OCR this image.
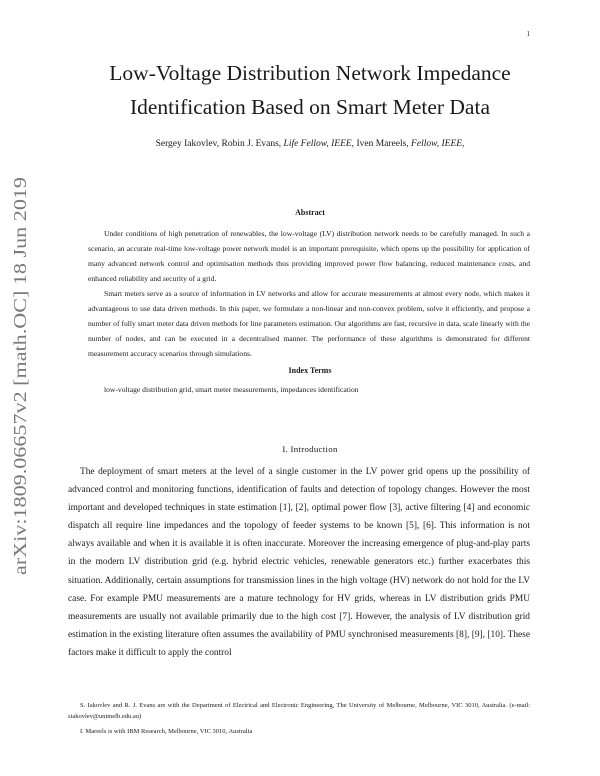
1
arXiv:1809.06657v2 [math.OC] 18 Jun 2019
Low-Voltage Distribution Network Impedance
Identification Based on Smart Meter Data
Sergey Iakovlev, Robin J. Evans, Life Fellow, IEEE, Iven Mareels, Fellow, IEEE,
Abstract

Under conditions of high penetration of renewables, the low-voltage (LV) distribution network needs to be carefully managed. In such a scenario, an accurate real-time low-voltage power network model is an important prerequisite, which opens up the possibility for application of many advanced network control and optimisation methods thus providing improved power flow balancing, reduced maintenance costs, and enhanced reliability and security of a grid.

Smart meters serve as a source of information in LV networks and allow for accurate measurements at almost every node, which makes it advantageous to use data driven methods. In this paper, we formulate a non-linear and non-convex problem, solve it efficiently, and propose a number of fully smart meter data driven methods for line parameters estimation. Our algorithms are fast, recursive in data, scale linearly with the number of nodes, and can be executed in a decentralised manner. The performance of these algorithms is demonstrated for different measurement accuracy scenarios through simulations.

Index Terms
low-voltage distribution grid, smart meter measurements, impedances identification
I. Introduction

The deployment of smart meters at the level of a single customer in the LV power grid opens up the possibility of advanced control and monitoring functions, identification of faults and detection of topology changes. However the most important and developed techniques in state estimation [1], [2], optimal power flow [3], active filtering [4] and economic dispatch all require line impedances and the topology of feeder systems to be known [5], [6]. This information is not always available and when it is available it is often inaccurate. Moreover the increasing emergence of plug-and-play parts in the modern LV distribution grid (e.g. hybrid electric vehicles, renewable generators etc.) further exacerbates this situation. Additionally, certain assumptions for transmission lines in the high voltage (HV) network do not hold for the LV case. For example PMU measurements are a mature technology for HV grids, whereas in LV distribution grids PMU measurements are usually not available primarily due to the high cost [7]. However, the analysis of LV distribution grid estimation in the existing literature often assumes the availability of PMU synchronised measurements [8], [9], [10]. These factors make it difficult to apply the control

S. Iakovlev and R. J. Evans are with the Department of Electrical and Electronic Engineering, The University of Melbourne, Melbourne, VIC 3010, Australia. (e-mail: siakovlev@unimelb.edu.au)

I. Mareels is with IBM Research, Melbourne, VIC 3010, Australia
